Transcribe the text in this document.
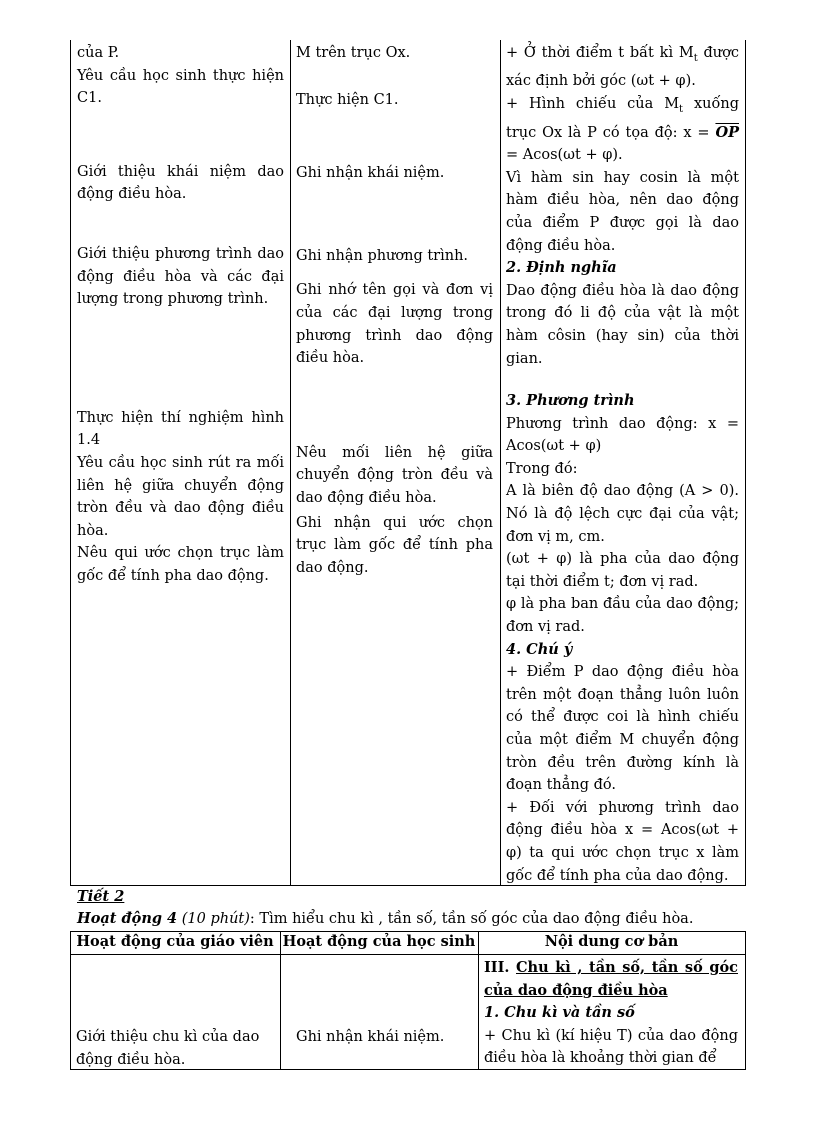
của P.

Yêu cầu học sinh thực hiện C1.

Giới thiệu khái niệm dao động điều hòa.

Giới thiệu phương trình dao động điều hòa và các đại lượng trong phương trình.

Thực hiện thí nghiệm hình 1.4

Yêu cầu học sinh rút ra mối liên hệ giữa chuyển động tròn đều và dao động điều hòa.

Nêu qui ước chọn trục làm gốc để tính pha dao động.

M trên trục Ox.

Thực hiện C1.

Ghi nhận khái niệm.

Ghi nhận phương trình.

Ghi nhớ tên gọi và đơn vị của các đại lượng trong phương trình dao động điều hòa.

Nêu mối liên hệ giữa chuyển động tròn đều và dao động điều hòa.

Ghi nhận qui ước chọn trục làm gốc để tính pha dao động.

+ Ở thời điểm t bất kì $M_t$ được xác định bởi góc (ωt + φ).

+ Hình chiếu của $M_t$ xuống trục Ox là P có tọa độ: $x = \overline{OP} = Acos(\omega t + \varphi)$.

Vì hàm sin hay cosin là một hàm điều hòa, nên dao động của điểm P được gọi là dao động điều hòa.

2. Định nghĩa

Dao động điều hòa là dao động trong đó li độ của vật là một hàm côsin (hay sin) của thời gian.

3. Phương trình

Phương trình dao động: x = Acos(ωt + φ)

Trong đó:

A là biên độ dao động (A > 0). Nó là độ lệch cực đại của vật; đơn vị m, cm.

(ωt + φ) là pha của dao động tại thời điểm t; đơn vị rad.

φ là pha ban đầu của dao động; đơn vị rad.

4. Chú ý

+ Điểm P dao động điều hòa trên một đoạn thẳng luôn luôn có thể được coi là hình chiếu của một điểm M chuyển động tròn đều trên đường kính là đoạn thẳng đó.

+ Đối với phương trình dao động điều hòa x = Acos(ωt + φ) ta qui ước chọn trục x làm gốc để tính pha của dao động.

Tiết 2
Hoạt động 4 (10 phút): Tìm hiểu chu kì , tần số, tần số góc của dao động điều hòa.
Hoạt động của giáo viên Hoạt động của học sinh	Nội dung cơ bản
Giới thiệu chu kì của dao động điều hòa.
Ghi nhận khái niệm.

III. Chu kì , tần số, tần số góc của dao động điều hòa

1. Chu kì và tần số

+ Chu kì (kí hiệu T) của dao động điều hòa là khoảng thời gian để
